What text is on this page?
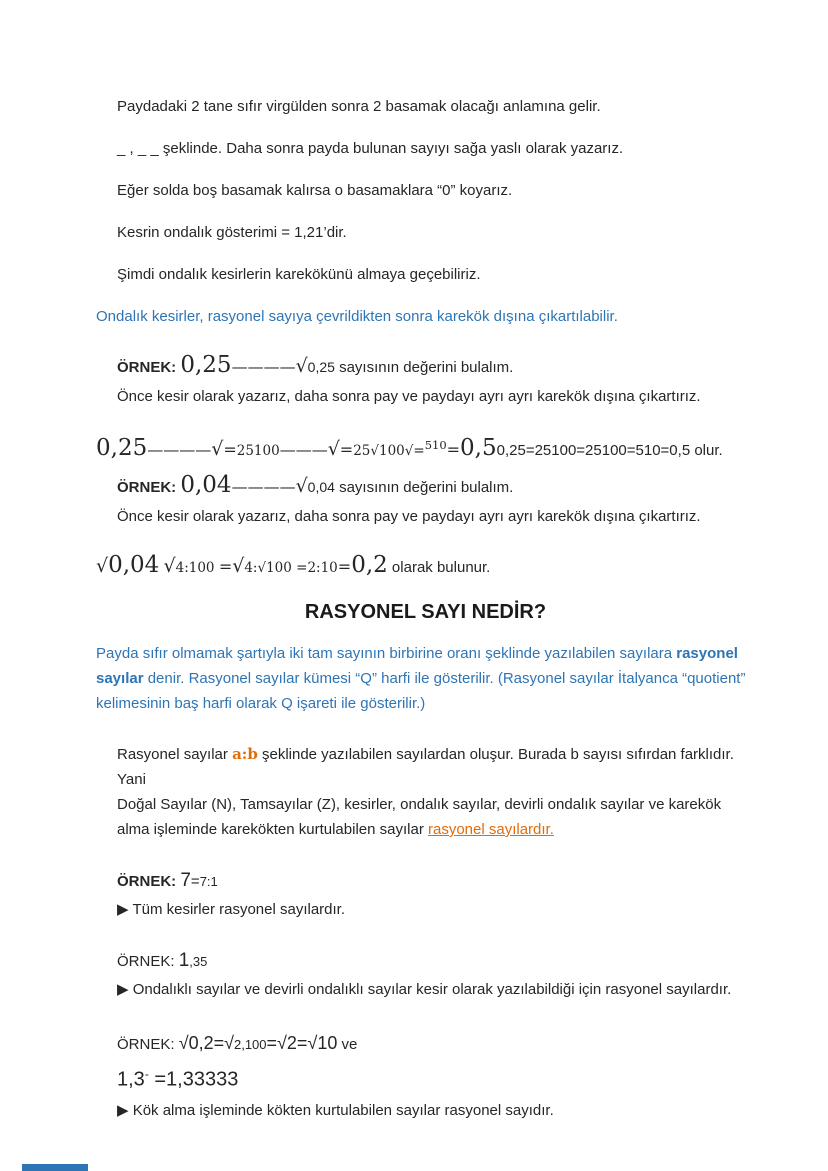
Paydadaki 2 tane sıfır virgülden sonra 2 basamak olacağı anlamına gelir.

_ , _ _ şeklinde. Daha sonra payda bulunan sayıyı sağa yaslı olarak yazarız.

Eğer solda boş basamak kalırsa o basamaklara “0” koyarız.

Kesrin ondalık gösterimi = 1,21’dir.

Şimdi ondalık kesirlerin karekökünü almaya geçebiliriz.

Ondalık kesirler, rasyonel sayıya çevrildikten sonra karekök dışına çıkartılabilir.

ÖRNEK: 0,25————√0,25 sayısının değerini bulalım.

Önce kesir olarak yazarız, daha sonra pay ve paydayı ayrı ayrı karekök dışına çıkartırız.

0,25————√=25100———√=25√100√=$^{510}$=0,50,25=25100=25100=510=0,5 olur.

ÖRNEK: 0,04————√0,04 sayısının değerini bulalım.

Önce kesir olarak yazarız, daha sonra pay ve paydayı ayrı ayrı karekök dışına çıkartırız.

√0,04 √4:100 =√4:√100 =2:10=0,2 olarak bulunur.

RASYONEL SAYI NEDİR?

Payda sıfır olmamak şartıyla iki tam sayının birbirine oranı şeklinde yazılabilen sayılara rasyonel sayılar denir. Rasyonel sayılar kümesi “Q” harfi ile gösterilir. (Rasyonel sayılar İtalyanca “quotient” kelimesinin baş harfi olarak Q işareti ile gösterilir.)

Rasyonel sayılar a:b şeklinde yazılabilen sayılardan oluşur. Burada b sayısı sıfırdan farklıdır. Yani

Doğal Sayılar (N), Tamsayılar (Z), kesirler, ondalık sayılar, devirli ondalık sayılar ve karekök alma işleminde karekökten kurtulabilen sayılar rasyonel sayılardır.

ÖRNEK: 7=7:1

▶ Tüm kesirler rasyonel sayılardır.

ÖRNEK: 1,35

▶ Ondalıklı sayılar ve devirli ondalıklı sayılar kesir olarak yazılabildiği için rasyonel sayılardır.

ÖRNEK: √0,2=√2,100=√2=√10 ve

1,3- =1,33333

▶ Kök alma işleminde kökten kurtulabilen sayılar rasyonel sayıdır.
